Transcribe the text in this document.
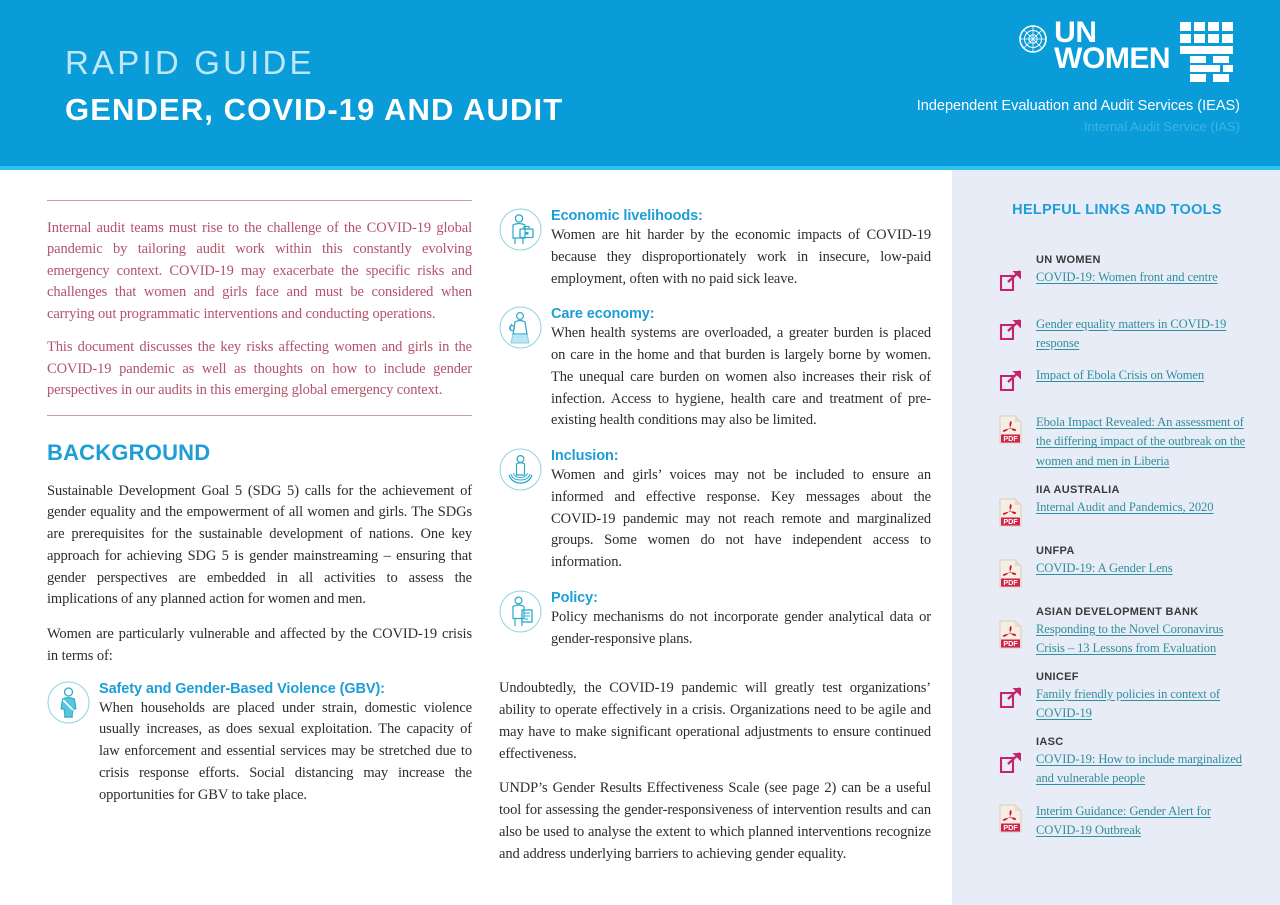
RAPID GUIDE
GENDER, COVID-19 AND AUDIT
UN
WOMEN
Independent Evaluation and Audit Services (IEAS)
Internal Audit Service (IAS)
Internal audit teams must rise to the challenge of the COVID-19 global pandemic by tailoring audit work within this constantly evolving emergency context. COVID-19 may exacerbate the specific risks and challenges that women and girls face and must be considered when carrying out programmatic interventions and conducting operations.
This document discusses the key risks affecting women and girls in the COVID-19 pandemic as well as thoughts on how to include gender perspectives in our audits in this emerging global emergency context.
BACKGROUND
Sustainable Development Goal 5 (SDG 5) calls for the achievement of gender equality and the empowerment of all women and girls. The SDGs are prerequisites for the sustainable development of nations. One key approach for achieving SDG 5 is gender mainstreaming – ensuring that gender perspectives are embedded in all activities to assess the implications of any planned action for women and men.
Women are particularly vulnerable and affected by the COVID-19 crisis in terms of:
Safety and Gender-Based Violence (GBV):
When households are placed under strain, domestic violence usually increases, as does sexual exploitation. The capacity of law enforcement and essential services may be stretched due to crisis response efforts. Social distancing may increase the opportunities for GBV to take place.
Economic livelihoods:
Women are hit harder by the economic impacts of COVID-19 because they disproportionately work in insecure, low-paid employment, often with no paid sick leave.
Care economy:
When health systems are overloaded, a greater burden is placed on care in the home and that burden is largely borne by women. The unequal care burden on women also increases their risk of infection. Access to hygiene, health care and treatment of pre-existing health conditions may also be limited.
Inclusion:
Women and girls’ voices may not be included to ensure an informed and effective response. Key messages about the COVID-19 pandemic may not reach remote and marginalized groups. Some women do not have independent access to information.
Policy:
Policy mechanisms do not incorporate gender analytical data or gender-responsive plans.
Undoubtedly, the COVID-19 pandemic will greatly test organizations’ ability to operate effectively in a crisis. Organizations need to be agile and may have to make significant operational adjustments to ensure continued effectiveness.
UNDP’s Gender Results Effectiveness Scale (see page 2) can be a useful tool for assessing the gender-responsiveness of intervention results and can also be used to analyse the extent to which planned interventions recognize and address underlying barriers to achieving gender equality.
HELPFUL LINKS AND TOOLS
UN WOMEN
COVID-19: Women front and centre
Gender equality matters in COVID-19 response
Impact of Ebola Crisis on Women
PDF
Ebola Impact Revealed: An assessment of the differing impact of the outbreak on the women and men in Liberia
IIA AUSTRALIA
PDF
Internal Audit and Pandemics, 2020
UNFPA
PDF
COVID-19: A Gender Lens
ASIAN DEVELOPMENT BANK
PDF
Responding to the Novel Coronavirus Crisis – 13 Lessons from Evaluation
UNICEF
Family friendly policies in context of COVID-19
IASC
COVID-19: How to include marginalized and vulnerable people
PDF
Interim Guidance: Gender Alert for COVID-19 Outbreak
